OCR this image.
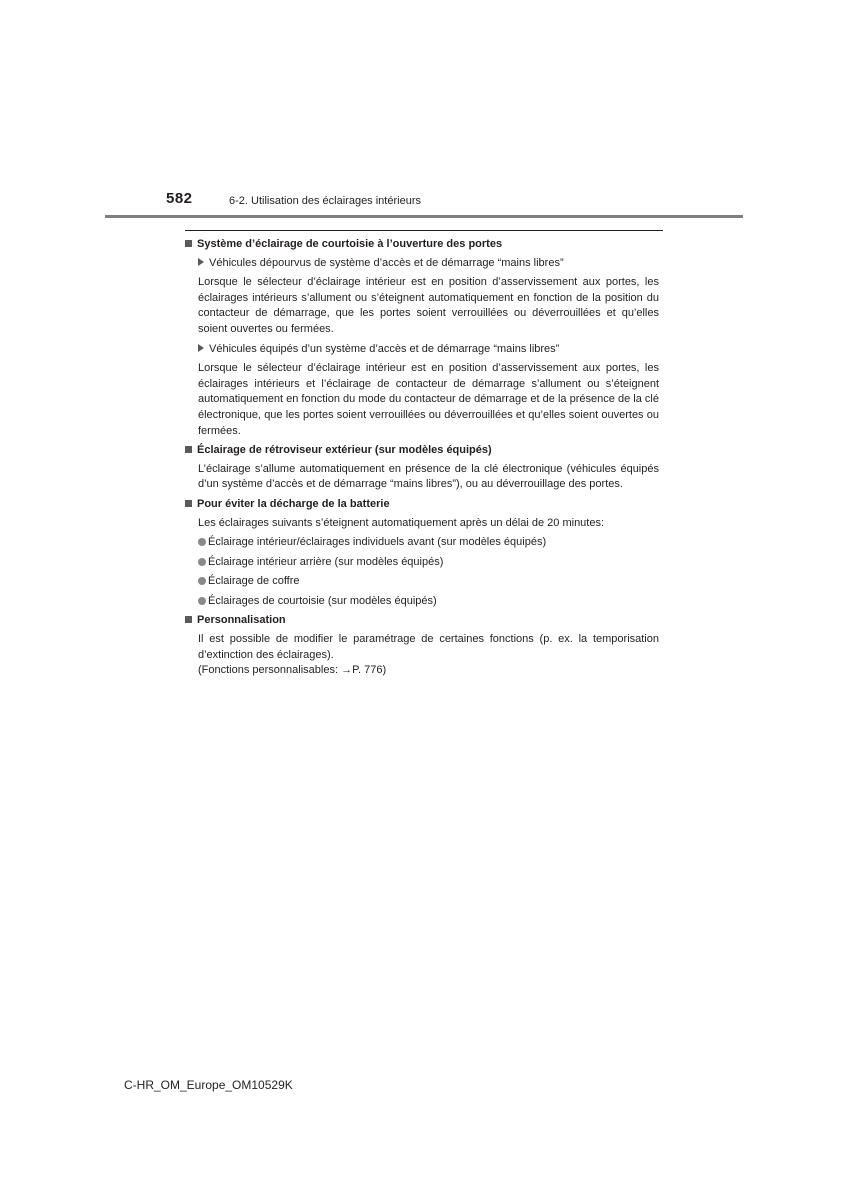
582	6-2. Utilisation des éclairages intérieurs
Système d’éclairage de courtoisie à l’ouverture des portes
Véhicules dépourvus de système d’accès et de démarrage “mains libres”
Lorsque le sélecteur d’éclairage intérieur est en position d’asservissement aux portes, les éclairages intérieurs s’allument ou s’éteignent automatiquement en fonction de la position du contacteur de démarrage, que les portes soient verrouillées ou déverrouillées et qu’elles soient ouvertes ou fermées.
Véhicules équipés d’un système d’accès et de démarrage “mains libres”
Lorsque le sélecteur d’éclairage intérieur est en position d’asservissement aux portes, les éclairages intérieurs et l’éclairage de contacteur de démarrage s’allument ou s’éteignent automatiquement en fonction du mode du contacteur de démarrage et de la présence de la clé électronique, que les portes soient verrouillées ou déverrouillées et qu’elles soient ouvertes ou fermées.
Éclairage de rétroviseur extérieur (sur modèles équipés)
L’éclairage s’allume automatiquement en présence de la clé électronique (véhicules équipés d’un système d’accès et de démarrage “mains libres”), ou au déverrouillage des portes.
Pour éviter la décharge de la batterie
Les éclairages suivants s’éteignent automatiquement après un délai de 20 minutes:
Éclairage intérieur/éclairages individuels avant (sur modèles équipés)
Éclairage intérieur arrière (sur modèles équipés)
Éclairage de coffre
Éclairages de courtoisie (sur modèles équipés)
Personnalisation
Il est possible de modifier le paramétrage de certaines fonctions (p. ex. la temporisation d’extinction des éclairages).
(Fonctions personnalisables: →P. 776)
C-HR_OM_Europe_OM10529K
